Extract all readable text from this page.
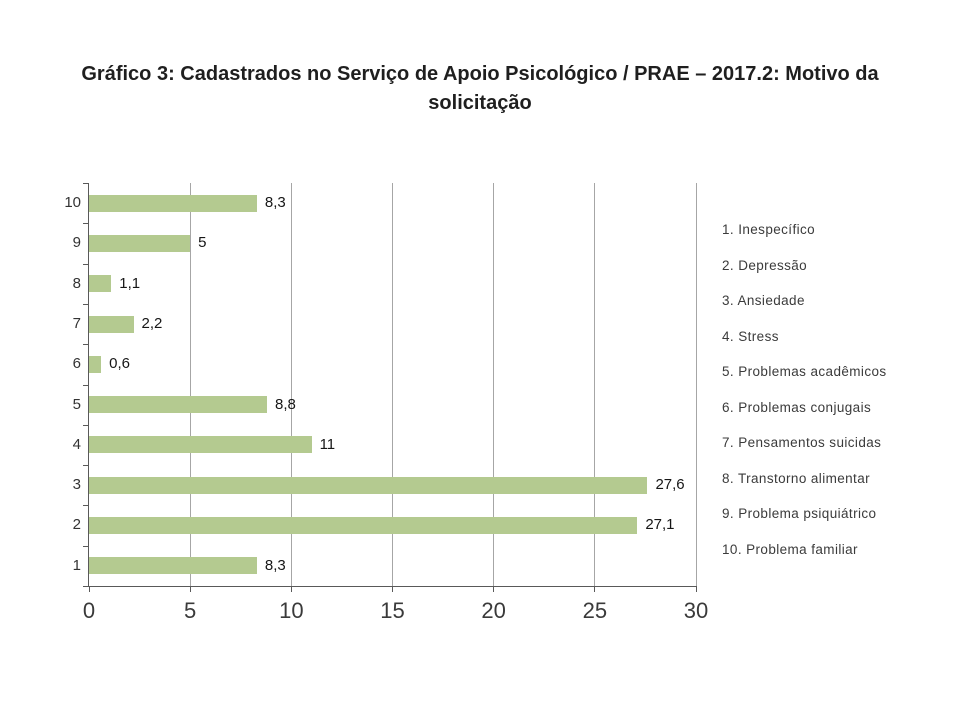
Gráfico 3: Cadastrados no Serviço de Apoio Psicológico / PRAE – 2017.2: Motivo da
solicitação
0	5	10	15	20	25	30
10	8,3
9	5
8	1,1
7	2,2
6 0,6
5	8,8
4	11
3	27,6
2	27,1
1	8,3
1. Inespecífico
2. Depressão
3. Ansiedade
4. Stress
5. Problemas acadêmicos
6. Problemas conjugais
7. Pensamentos suicidas
8. Transtorno alimentar
9. Problema psiquiátrico
10. Problema familiar
